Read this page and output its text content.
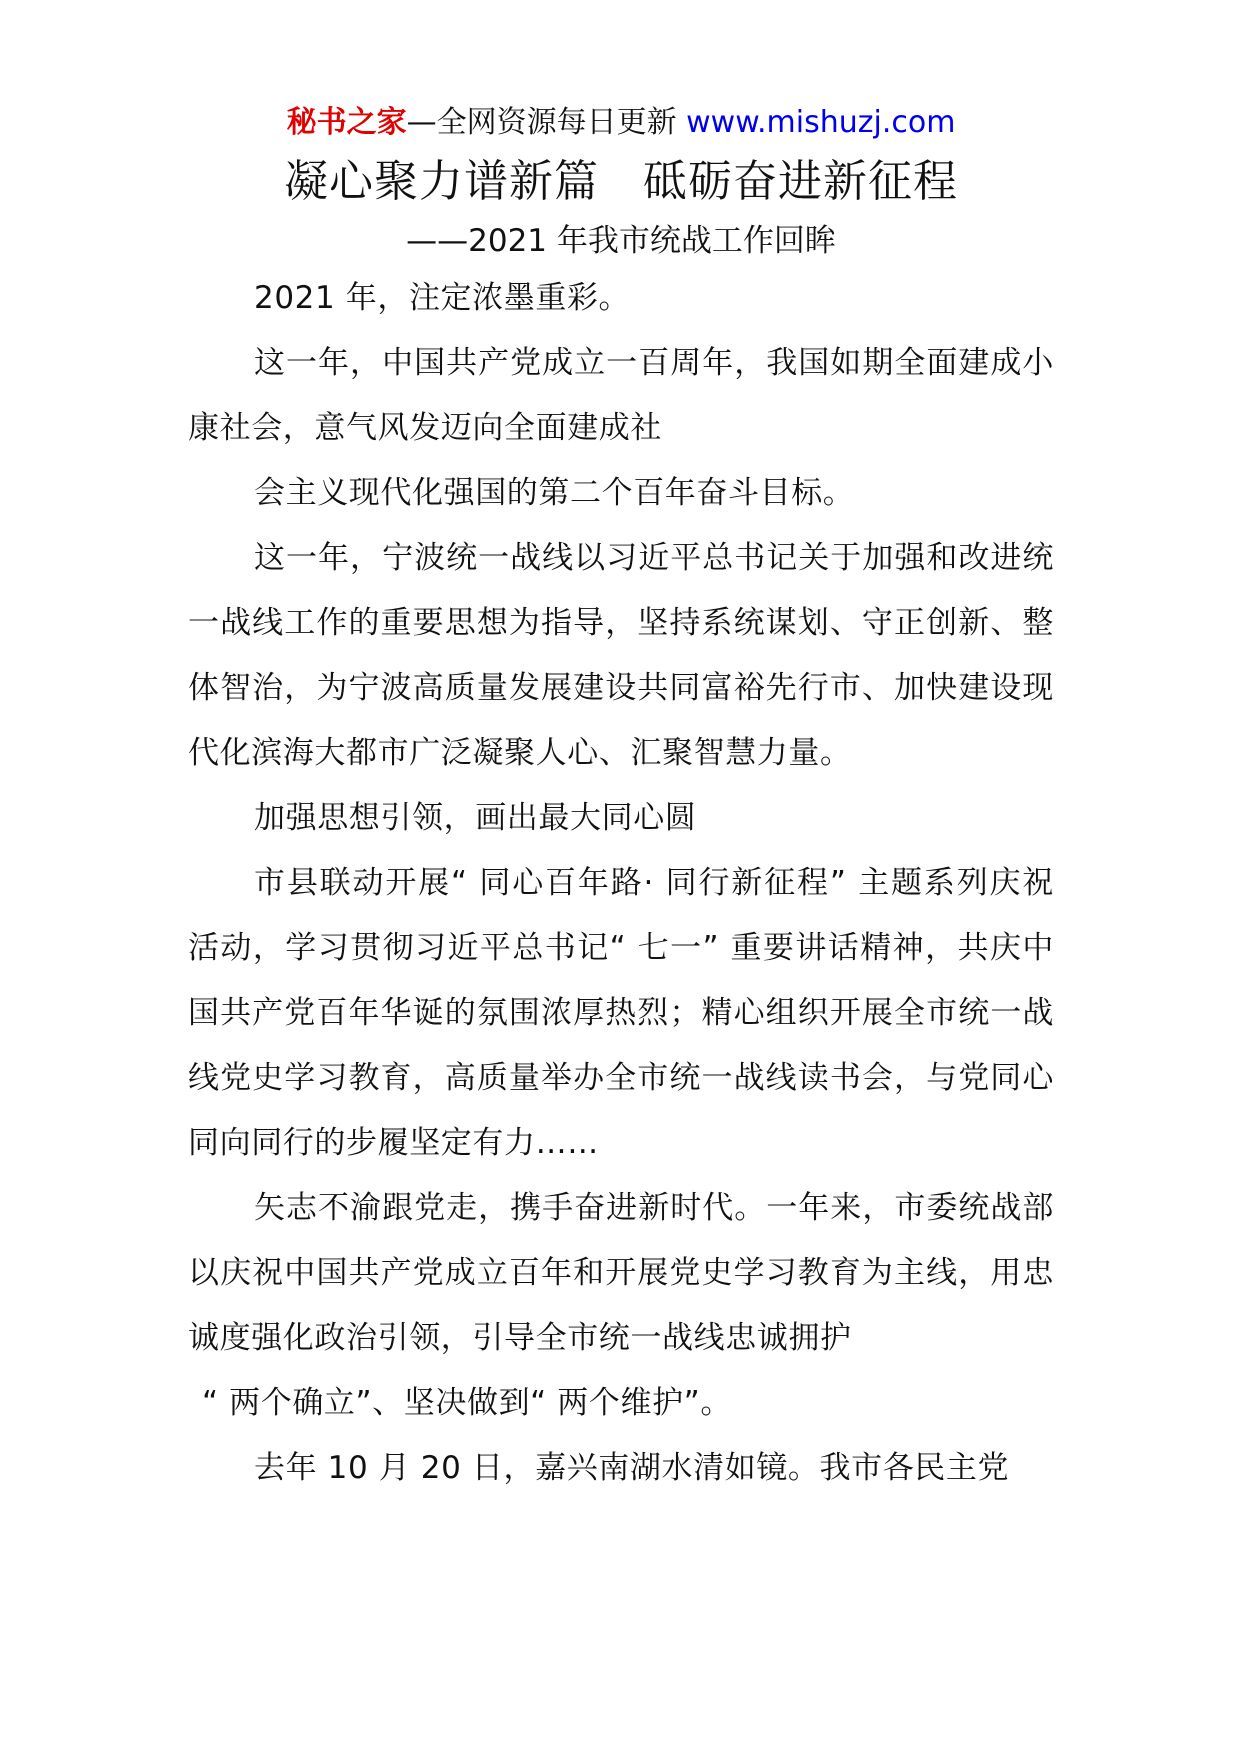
秘书之家—全网资源每日更新 www.mishuzj.com
凝心聚力谱新篇 砥砺奋进新征程
——2021 年我市统战工作回眸

2021 年，注定浓墨重彩。

这一年，中国共产党成立一百周年，我国如期全面建成小康社会，意气风发迈向全面建成社

会主义现代化强国的第二个百年奋斗目标。

这一年，宁波统一战线以习近平总书记关于加强和改进统一战线工作的重要思想为指导，坚持系统谋划、守正创新、整体智治，为宁波高质量发展建设共同富裕先行市、加快建设现代化滨海大都市广泛凝聚人心、汇聚智慧力量。

加强思想引领，画出最大同心圆

市县联动开展“ 同心百年路· 同行新征程” 主题系列庆祝活动，学习贯彻习近平总书记“ 七一” 重要讲话精神，共庆中国共产党百年华诞的氛围浓厚热烈；精心组织开展全市统一战线党史学习教育，高质量举办全市统一战线读书会，与党同心同向同行的步履坚定有力……

矢志不渝跟党走，携手奋进新时代。一年来，市委统战部以庆祝中国共产党成立百年和开展党史学习教育为主线，用忠诚度强化政治引领，引导全市统一战线忠诚拥护

“ 两个确立”、坚决做到“ 两个维护”。

去年 10 月 20 日，嘉兴南湖水清如镜。我市各民主党
